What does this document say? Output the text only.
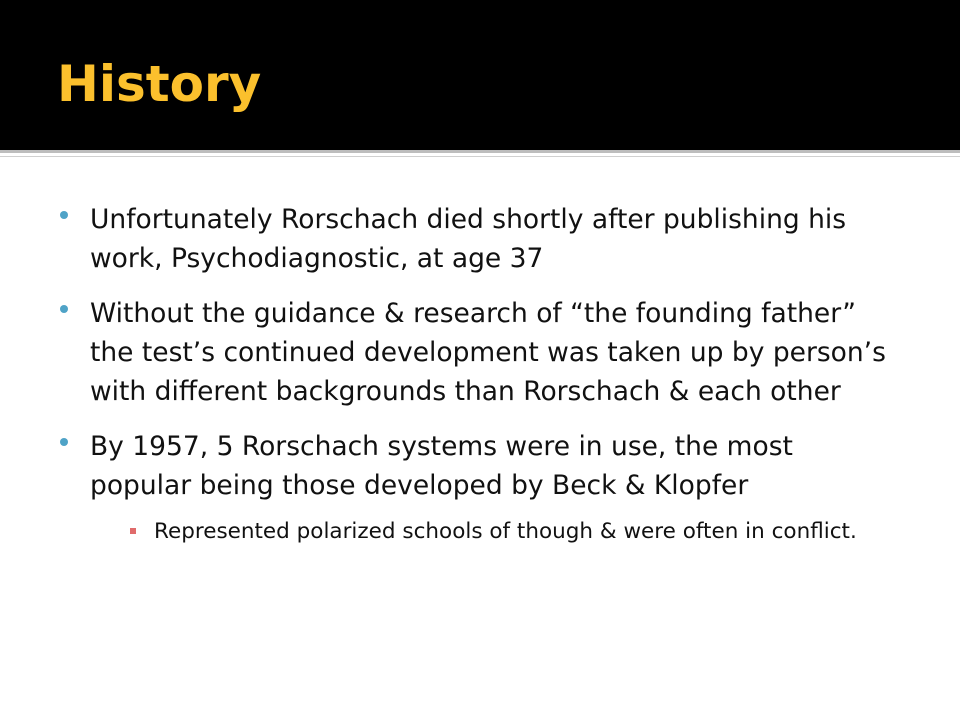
History
Unfortunately Rorschach died shortly after publishing his work, Psychodiagnostic, at age 37
Without the guidance & research of “the founding father” the test’s continued development was taken up by person’s with different backgrounds than Rorschach & each other
By 1957, 5 Rorschach systems were in use, the most popular being those developed by Beck & Klopfer
Represented polarized schools of though & were often in conflict.
